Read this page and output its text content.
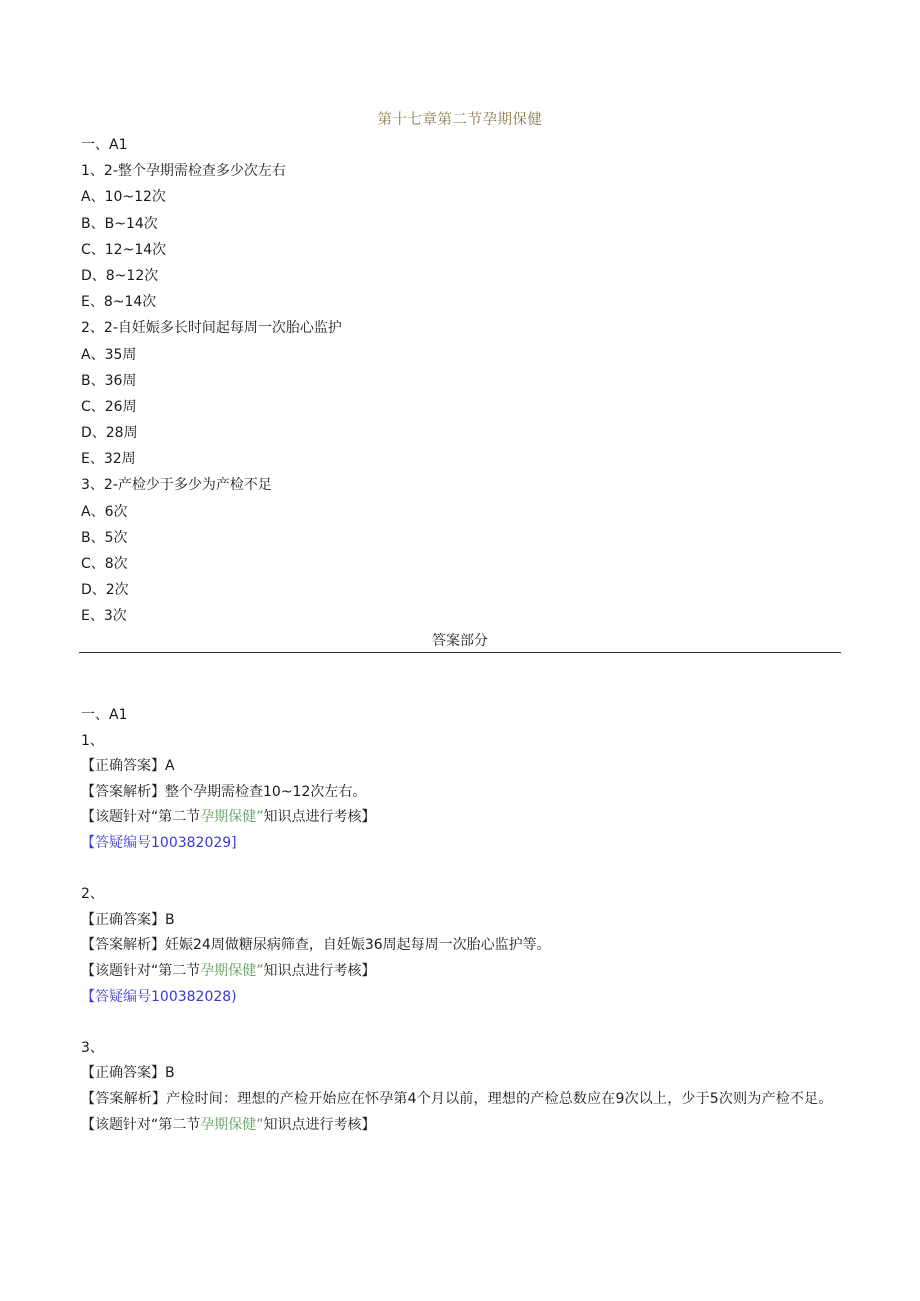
第十七章第二节孕期保健
一、A1
1、2-整个孕期需检查多少次左右
A、10~12次
B、B~14次
C、12~14次
D、8~12次
E、8~14次
2、2-自妊娠多长时间起每周一次胎心监护
A、35周
B、36周
C、26周
D、28周
E、32周
3、2-产检少于多少为产检不足
A、6次
B、5次
C、8次
D、2次
E、3次
答案部分
一、A1
1、
【正确答案】A
【答案解析】整个孕期需检查10~12次左右。
【该题针对“第二节孕期保健”知识点进行考核】
【答疑编号100382029]
2、
【正确答案】B
【答案解析】妊娠24周做糖尿病筛查，自妊娠36周起每周一次胎心监护等。
【该题针对“第二节孕期保健”知识点进行考核】
【答疑编号100382028)
3、
【正确答案】B
【答案解析】产检时间：理想的产检开始应在怀孕第4个月以前，理想的产检总数应在9次以上，少于5次则为产检不足。
【该题针对“第二节孕期保健”知识点进行考核】
